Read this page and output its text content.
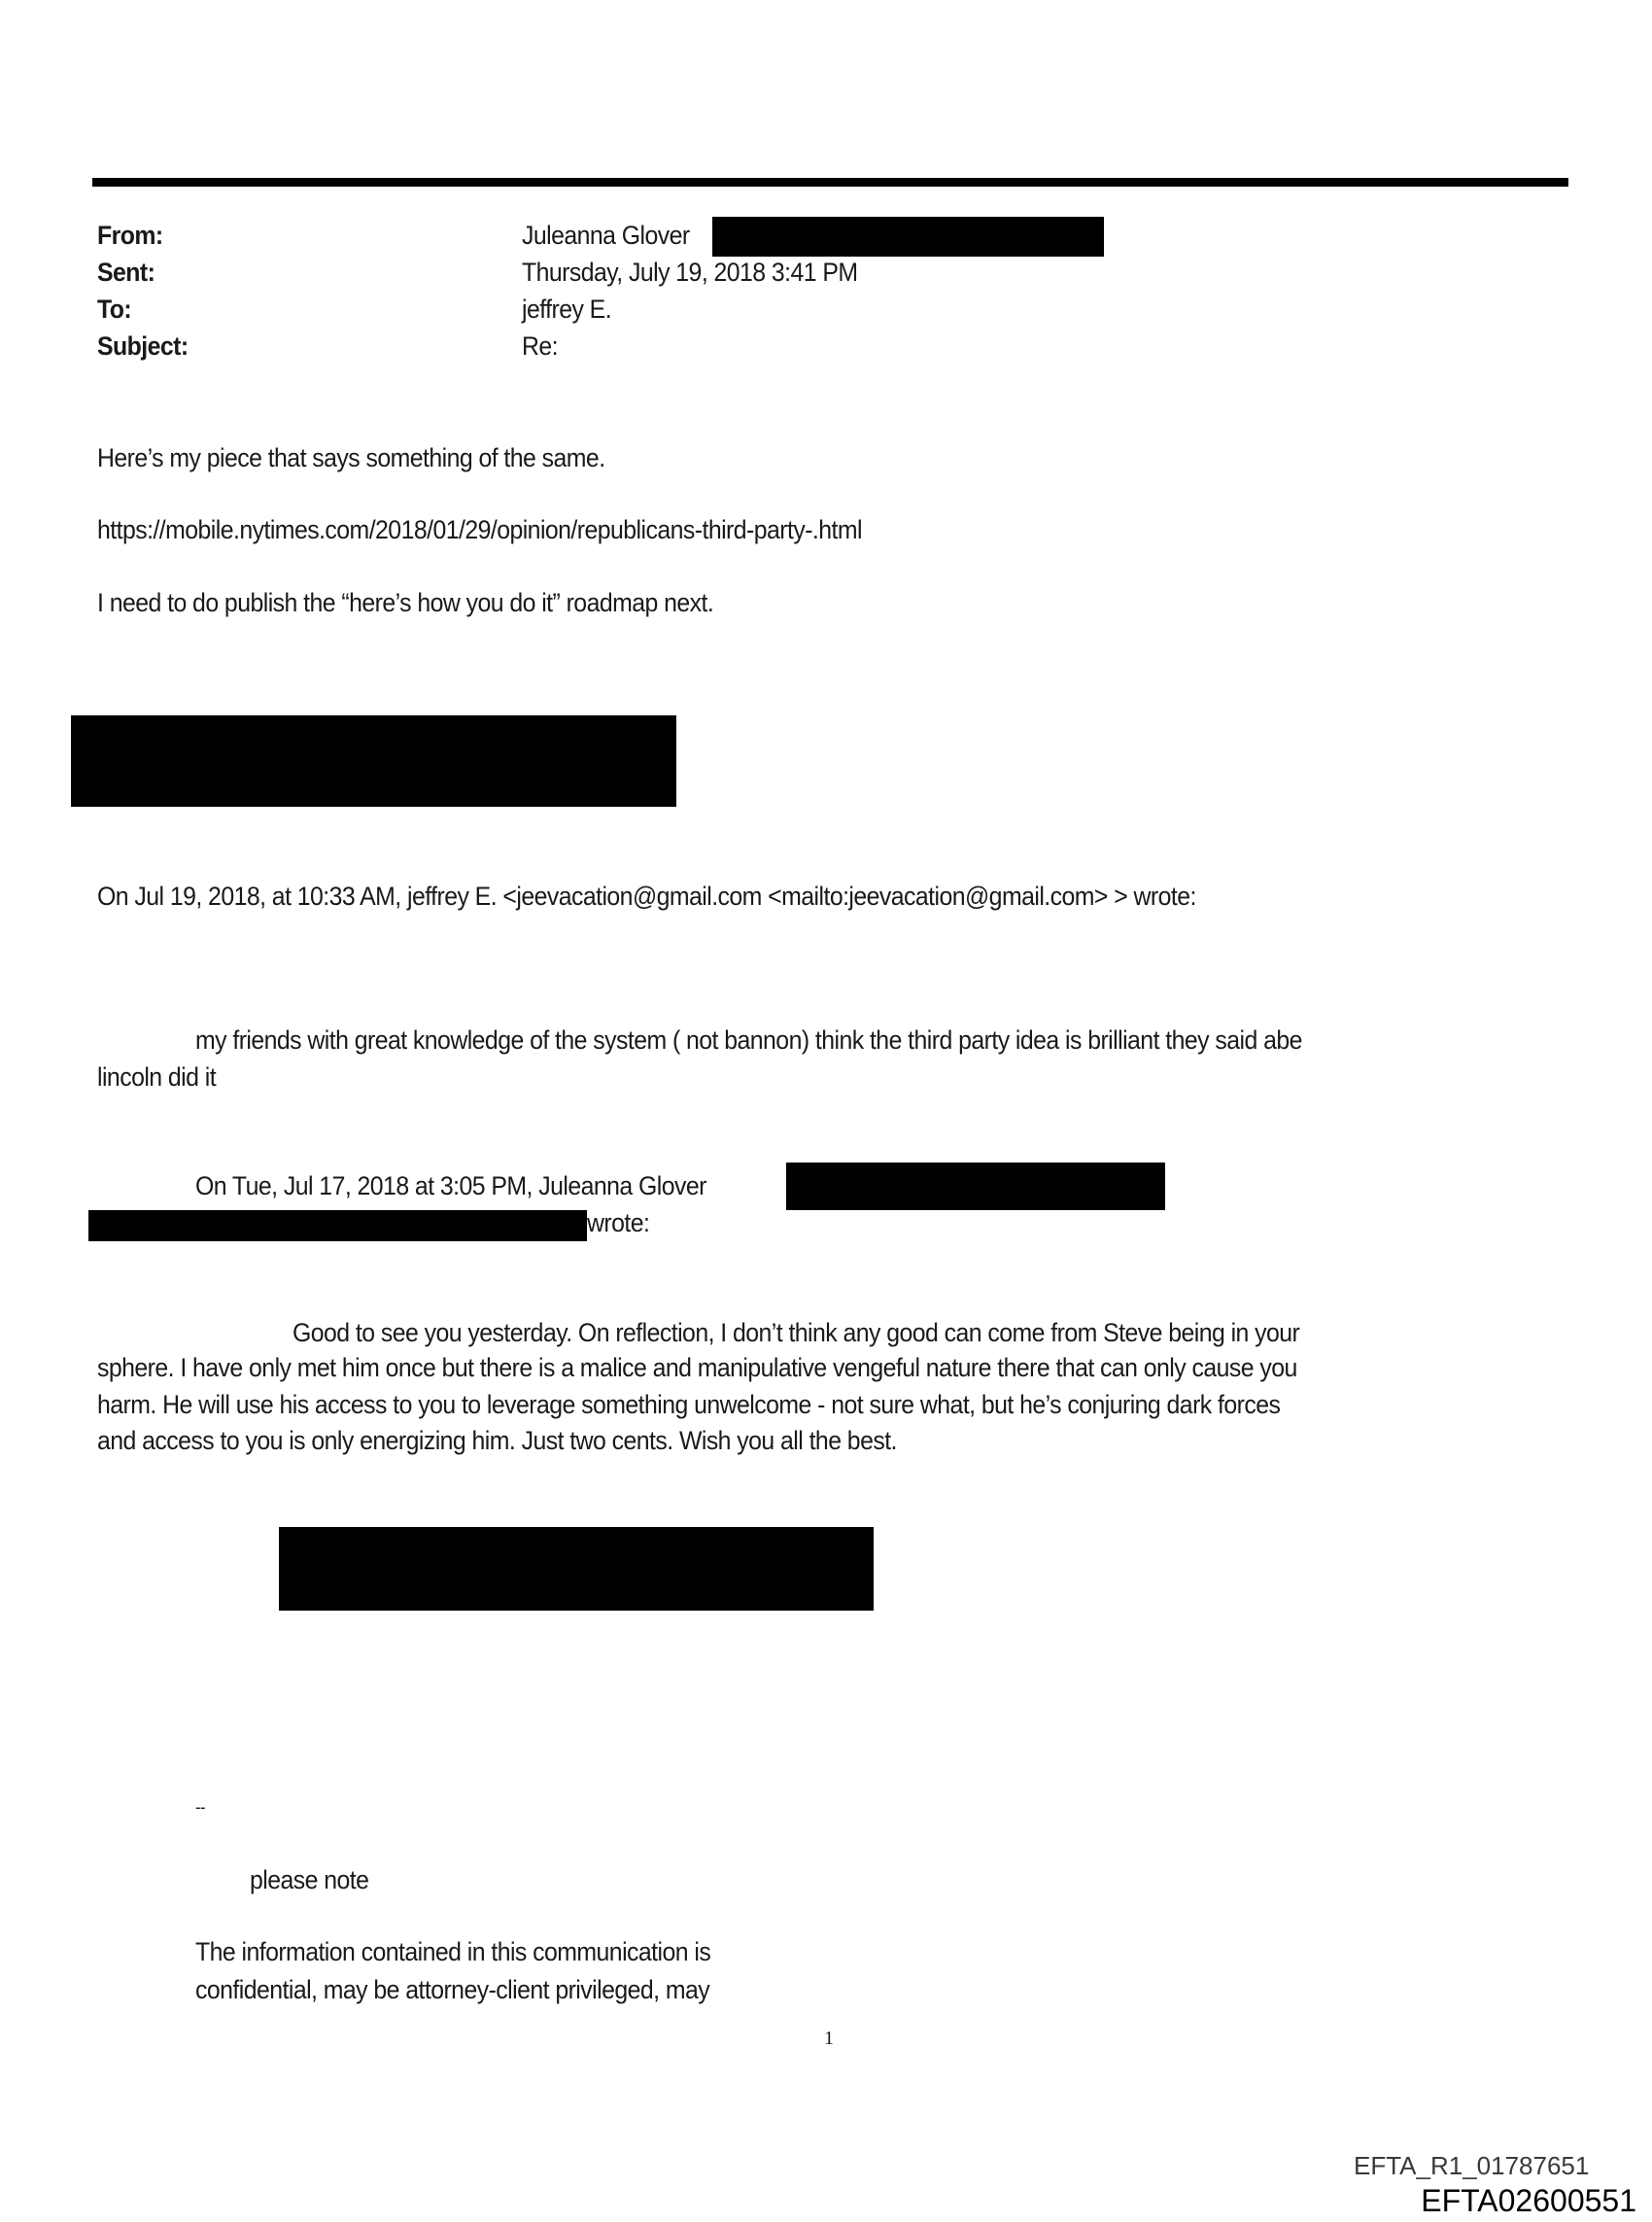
From:	Juleanna Glover
Sent:	Thursday, July 19, 2018 3:41 PM
To:	jeffrey E.
Subject:	Re:
Here’s my piece that says something of the same.
https://mobile.nytimes.com/2018/01/29/opinion/republicans-third-party-.html
I need to do publish the “here’s how you do it” roadmap next.
On Jul 19, 2018, at 10:33 AM, jeffrey E. <jeevacation@gmail.com <mailto:jeevacation@gmail.com> > wrote:
my friends with great knowledge of the system ( not bannon) think the third party idea is brilliant they said abe
lincoln did it
On Tue, Jul 17, 2018 at 3:05 PM, Juleanna Glover
wrote:
Good to see you yesterday. On reflection, I don’t think any good can come from Steve being in your
sphere. I have only met him once but there is a malice and manipulative vengeful nature there that can only cause you
harm. He will use his access to you to leverage something unwelcome - not sure what, but he’s conjuring dark forces
and access to you is only energizing him. Just two cents. Wish you all the best.
--
please note
The information contained in this communication is
confidential, may be attorney-client privileged, may
1
EFTA_R1_01787651
EFTA02600551
